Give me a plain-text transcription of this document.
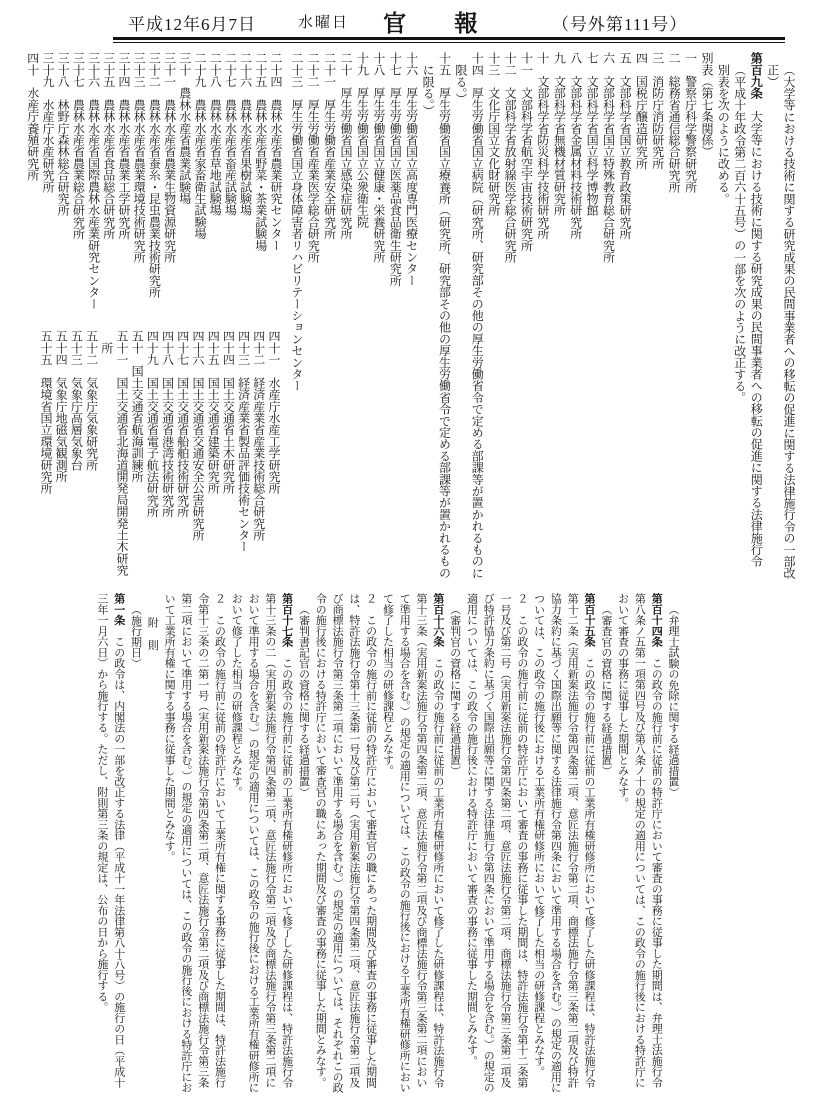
平成12年6月7日	水曜日 官報 （号外第111号）
（大学等における技術に関する研究成果の民間事業者への移転の促進に関する法律施行令の一部改正）
第百九条　大学等における技術に関する研究成果の民間事業者への移転の促進に関する法律施行令（平成十年政令第二百六十五号）の一部を次のように改正する。
別表を次のように改める。
別表（第七条関係）
一　警察庁科学警察研究所
二　総務省通信総合研究所
三　消防庁消防研究所
四　国税庁醸造研究所
五　文部科学省国立教育政策研究所
六　文部科学省国立特殊教育総合研究所
七　文部科学省国立科学博物館
八　文部科学省金属材料技術研究所
九　文部科学省無機材質研究所
十　文部科学省防災科学技術研究所
十一　文部科学省航空宇宙技術研究所
十二　文部科学省放射線医学総合研究所
十三　文化庁国立文化財研究所
十四　厚生労働省国立病院（研究所、研究部その他の厚生労働省令で定める部課等が置かれるものに限る。）
十五　厚生労働省国立療養所（研究所、研究部その他の厚生労働省令で定める部課等が置かれるものに限る。）
十六　厚生労働省国立高度専門医療センター
十七　厚生労働省国立医薬品食品衛生研究所
十八　厚生労働省国立健康・栄養研究所
十九　厚生労働省国立公衆衛生院
二十　厚生労働省国立感染症研究所
二十一　厚生労働省産業安全研究所
二十二　厚生労働省産業医学総合研究所
二十三　厚生労働省国立身体障害者リハビリテーションセンター
二十四　農林水産省農業研究センター
二十五　農林水産省野菜・茶業試験場
二十六　農林水産省果樹試験場
二十七　農林水産省畜産試験場
二十八　農林水産省草地試験場
二十九　農林水産省家畜衛生試験場
三十　農林水産省農業試験場
三十一　農林水産省農業生物資源研究所
三十二　農林水産省蚕糸・昆虫農業技術研究所
三十三　農林水産省農業環境技術研究所
三十四　農林水産省農業工学研究所
三十五　農林水産省食品総合研究所
三十六　農林水産省国際農林水産業研究センター
三十七　農林水産省農業総合研究所
三十八　林野庁森林総合研究所
三十九　水産庁水産研究所
四十　水産庁養殖研究所
四十一　水産庁水産工学研究所
四十二　経済産業省産業技術総合研究所
四十三　経済産業省製品評価技術センター
四十四　国土交通省土木研究所
四十五　国土交通省建築研究所
四十六　国土交通省交通安全公害研究所
四十七　国土交通省船舶技術研究所
四十八　国土交通省港湾技術研究所
四十九　国土交通省電子航法研究所
五十　国土交通省航海訓練所
五十一　国土交通省北海道開発局開発土木研究所
五十二　気象庁気象研究所
五十三　気象庁高層気象台
五十四　気象庁地磁気観測所
五十五　環境省国立環境研究所
（弁理士試験の免除に関する経過措置）
第百十四条　この政令の施行前に従前の特許庁において審査の事務に従事した期間は、弁理士法施行令第八条ノ五第一項第四号及び第八条ノ十の規定の適用については、この政令の施行後における特許庁において審査の事務に従事した期間とみなす。
（審査官の資格に関する経過措置）
第百十五条　この政令の施行前に従前の工業所有権研修所において修了した研修課程は、特許法施行令第十二条（実用新案法施行令第四条第二項、意匠法施行令第二項、商標法施行令第三条第二項及び特許協力条約に基づく国際出願等に関する法律施行令第四条において準用する場合を含む。）の規定の適用については、この政令の施行後における工業所有権研修所において修了した相当の研修課程とみなす。
２　この政令の施行前に従前の特許庁において審査の事務に従事した期間は、特許法施行令第十二条第一号及び第二号（実用新案法施行令第四条第二項、意匠法施行令第二項、商標法施行令第三条第二項及び特許協力条約に基づく国際出願等に関する法律施行令第四条において準用する場合を含む。）の規定の適用については、この政令の施行後における特許庁において審査の事務に従事した期間とみなす。
（審判官の資格に関する経過措置）
第百十六条　この政令の施行前に従前の工業所有権研修所において修了した研修課程は、特許法施行令第十三条（実用新案法施行令第四条第二項、意匠法施行令第二項及び商標法施行令第三条第二項において準用する場合を含む。）の規定の適用については、この政令の施行後における工業所有権研修所において修了した相当の研修課程とみなす。
２　この政令の施行前に従前の特許庁において審査官の職にあった期間及び審査の事務に従事した期間は、特許法施行令第十三条第一号及び第二号（実用新案法施行令第四条第二項、意匠法施行令第二項及び商標法施行令第三条第二項において準用する場合を含む。）の規定の適用については、それぞれこの政令の施行後における特許庁において審査官の職にあった期間及び審査の事務に従事した期間とみなす。
（審判書記官の資格に関する経過措置）
第百十七条　この政令の施行前に従前の工業所有権研修所において修了した研修課程は、特許法施行令第十三条の二（実用新案法施行令第四条第二項、意匠法施行令第二項及び商標法施行令第三条第二項において準用する場合を含む。）の規定の適用については、この政令の施行後における工業所有権研修所において修了した相当の研修課程とみなす。
２　この政令の施行前に従前の特許庁において工業所有権に関する事務に従事した期間は、特許法施行令第十三条の二第一号（実用新案法施行令第四条第二項、意匠法施行令第二項及び商標法施行令第三条第二項において準用する場合を含む。）の規定の適用については、この政令の施行後における特許庁において工業所有権に関する事務に従事した期間とみなす。
附　則
（施行期日）
第一条　この政令は、内閣法の一部を改正する法律（平成十一年法律第八十八号）の施行の日（平成十三年一月六日）から施行する。ただし、附則第三条の規定は、公布の日から施行する。
